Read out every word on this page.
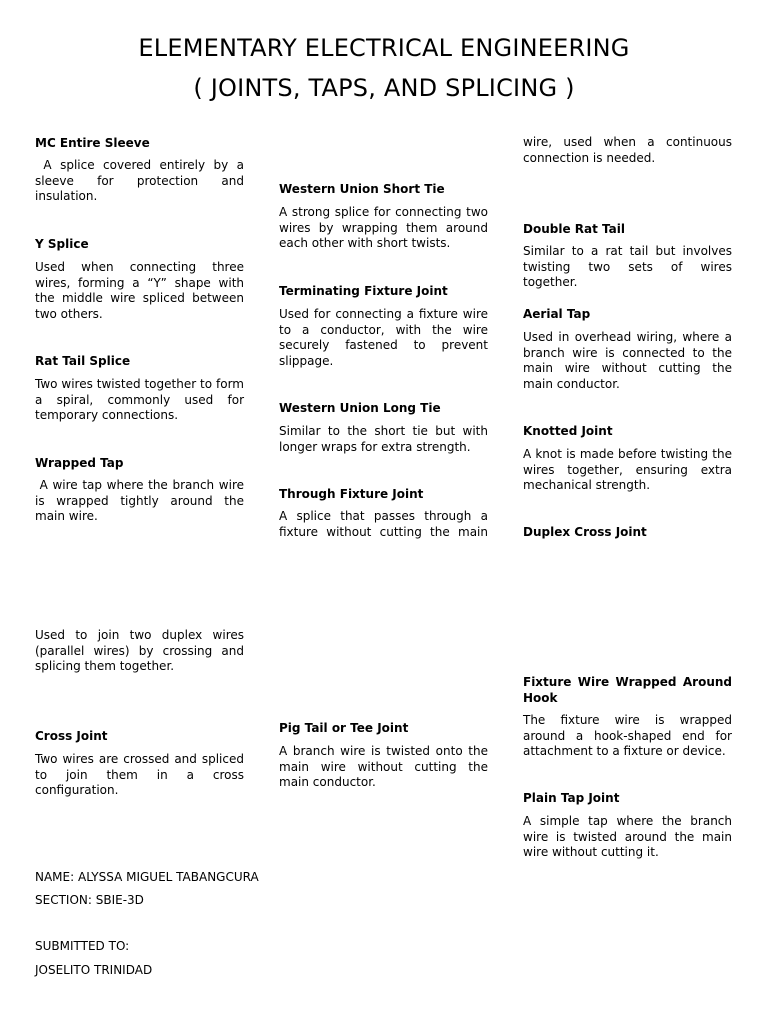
ELEMENTARY ELECTRICAL ENGINEERING
( JOINTS, TAPS, AND SPLICING )
MC Entire Sleeve
A splice covered entirely by a sleeve for protection and insulation.
Y Splice
Used when connecting three wires, forming a “Y” shape with the middle wire spliced between two others.
Rat Tail Splice
Two wires twisted together to form a spiral, commonly used for temporary connections.
Wrapped Tap
A wire tap where the branch wire is wrapped tightly around the main wire.
Used to join two duplex wires (parallel wires) by crossing and splicing them together.
Cross Joint
Two wires are crossed and spliced to join them in a cross configuration.
Western Union Short Tie
A strong splice for connecting two wires by wrapping them around each other with short twists.
Terminating Fixture Joint
Used for connecting a fixture wire to a conductor, with the wire securely fastened to prevent slippage.
Western Union Long Tie
Similar to the short tie but with longer wraps for extra strength.
Through Fixture Joint
A splice that passes through a fixture without cutting the main
Pig Tail or Tee Joint
A branch wire is twisted onto the main wire without cutting the main conductor.
wire, used when a continuous connection is needed.
Double Rat Tail
Similar to a rat tail but involves twisting two sets of wires together.
Aerial Tap
Used in overhead wiring, where a branch wire is connected to the main wire without cutting the main conductor.
Knotted Joint
A knot is made before twisting the wires together, ensuring extra mechanical strength.
Duplex Cross Joint
Fixture Wire Wrapped Around Hook
The fixture wire is wrapped around a hook-shaped end for attachment to a fixture or device.
Plain Tap Joint
A simple tap where the branch wire is twisted around the main wire without cutting it.
NAME: ALYSSA MIGUEL TABANGCURA
SECTION: SBIE-3D
SUBMITTED TO:
JOSELITO TRINIDAD
